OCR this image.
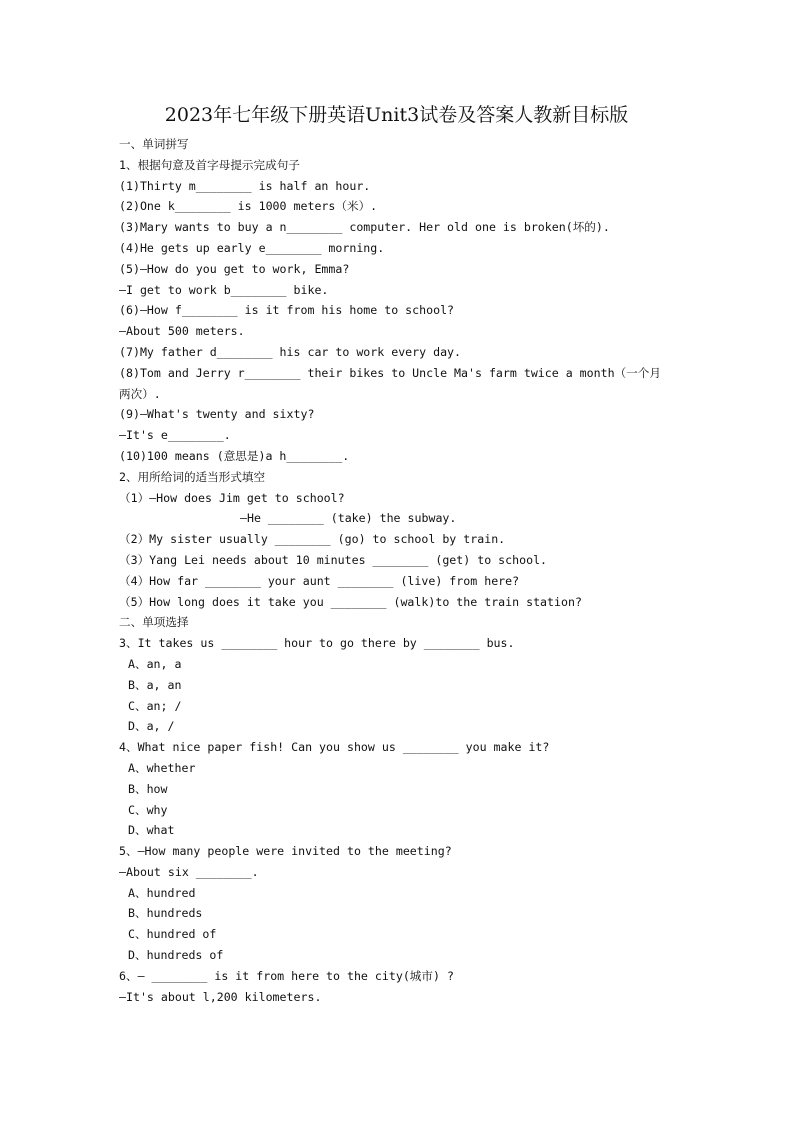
2023年七年级下册英语Unit3试卷及答案人教新目标版
一、单词拼写
1、根据句意及首字母提示完成句子
(1)Thirty m________ is half an hour.
(2)One k________ is 1000 meters（米）.
(3)Mary wants to buy a n________ computer. Her old one is broken(坏的).
(4)He gets up early e________ morning.
(5)—How do you get to work, Emma?
—I get to work b________ bike.
(6)—How f________ is it from his home to school?
—About 500 meters.
(7)My father d________ his car to work every day.
(8)Tom and Jerry r________ their bikes to Uncle Ma's farm twice a month（一个月
两次）.
(9)—What's twenty and sixty?
—It's e________.
(10)100 means (意思是)a h________.
2、用所给词的适当形式填空
（1）—How does Jim get to school?
—He ________ (take) the subway.
（2）My sister usually ________ (go) to school by train.
（3）Yang Lei needs about 10 minutes ________ (get) to school.
（4）How far ________ your aunt ________ (live) from here?
（5）How long does it take you ________ (walk)to the train station?
二、单项选择
3、It takes us ________ hour to go there by ________ bus.
A、an, a
B、a, an
C、an; /
D、a, /
4、What nice paper fish! Can you show us ________ you make it?
A、whether
B、how
C、why
D、what
5、—How many people were invited to the meeting?
—About six ________.
A、hundred
B、hundreds
C、hundred of
D、hundreds of
6、— ________ is it from here to the city(城市) ?
—It's about l,200 kilometers.
